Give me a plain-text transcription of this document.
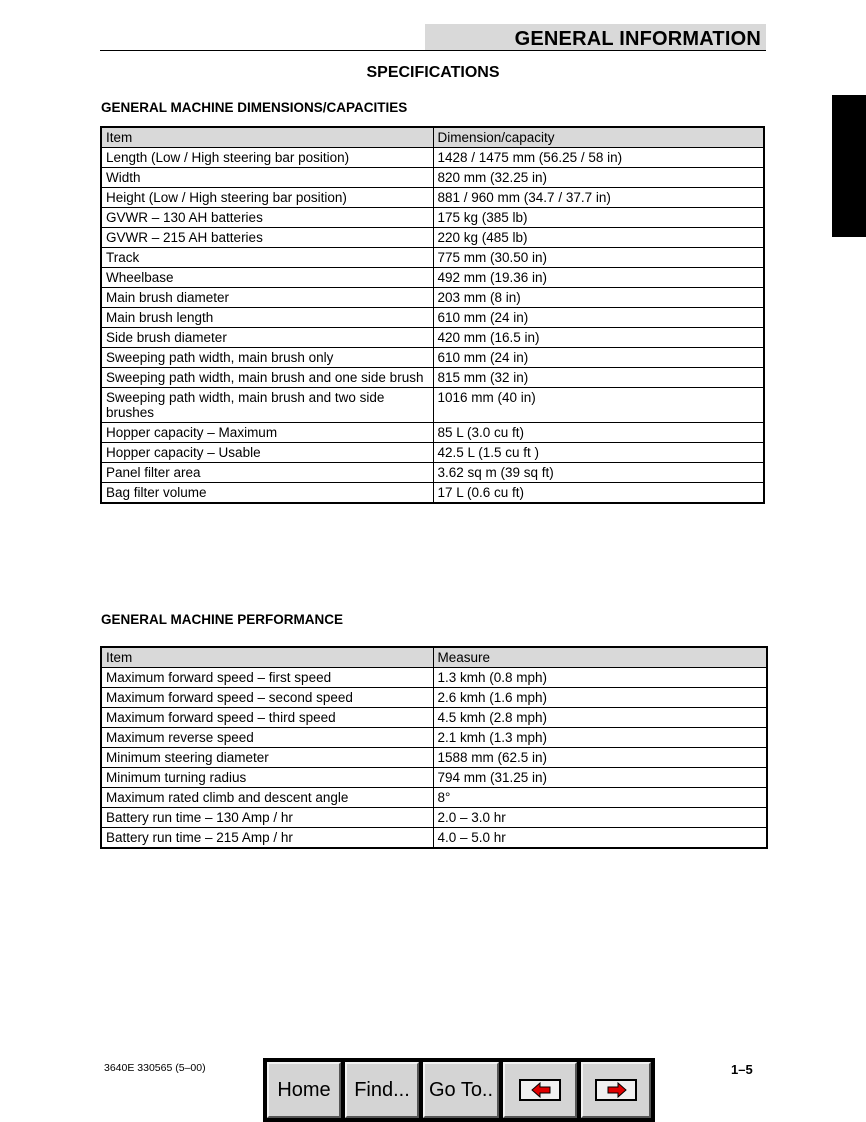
GENERAL INFORMATION
SPECIFICATIONS
GENERAL MACHINE DIMENSIONS/CAPACITIES
Item	Dimension/capacity
Length (Low / High steering bar position)	1428 / 1475 mm (56.25 / 58 in)
Width	820 mm (32.25 in)
Height (Low / High steering bar position)	881 / 960 mm (34.7 / 37.7 in)
GVWR – 130 AH batteries	175 kg (385 lb)
GVWR – 215 AH batteries	220 kg (485 lb)
Track	775 mm (30.50 in)
Wheelbase	492 mm (19.36 in)
Main brush diameter	203 mm (8 in)
Main brush length	610 mm (24 in)
Side brush diameter	420 mm (16.5 in)
Sweeping path width, main brush only	610 mm (24 in)
Sweeping path width, main brush and one side brush	815 mm (32 in)
Sweeping path width, main brush and two side brushes	1016 mm (40 in)
Hopper capacity – Maximum	85 L (3.0 cu ft)
Hopper capacity – Usable	42.5 L (1.5 cu ft )
Panel filter area	3.62 sq m (39 sq ft)
Bag filter volume	17 L (0.6 cu ft)
GENERAL MACHINE PERFORMANCE
Item	Measure
Maximum forward speed – first speed	1.3 kmh (0.8 mph)
Maximum forward speed – second speed	2.6 kmh (1.6 mph)
Maximum forward speed – third speed	4.5 kmh (2.8 mph)
Maximum reverse speed	2.1 kmh (1.3 mph)
Minimum steering diameter	1588 mm (62.5 in)
Minimum turning radius	794 mm (31.25 in)
Maximum rated climb and descent angle	8°
Battery run time – 130 Amp / hr	2.0 – 3.0 hr
Battery run time – 215 Amp / hr	4.0 – 5.0 hr
3640E 330565 (5–00)	1–5
Home	Find... Go To..
